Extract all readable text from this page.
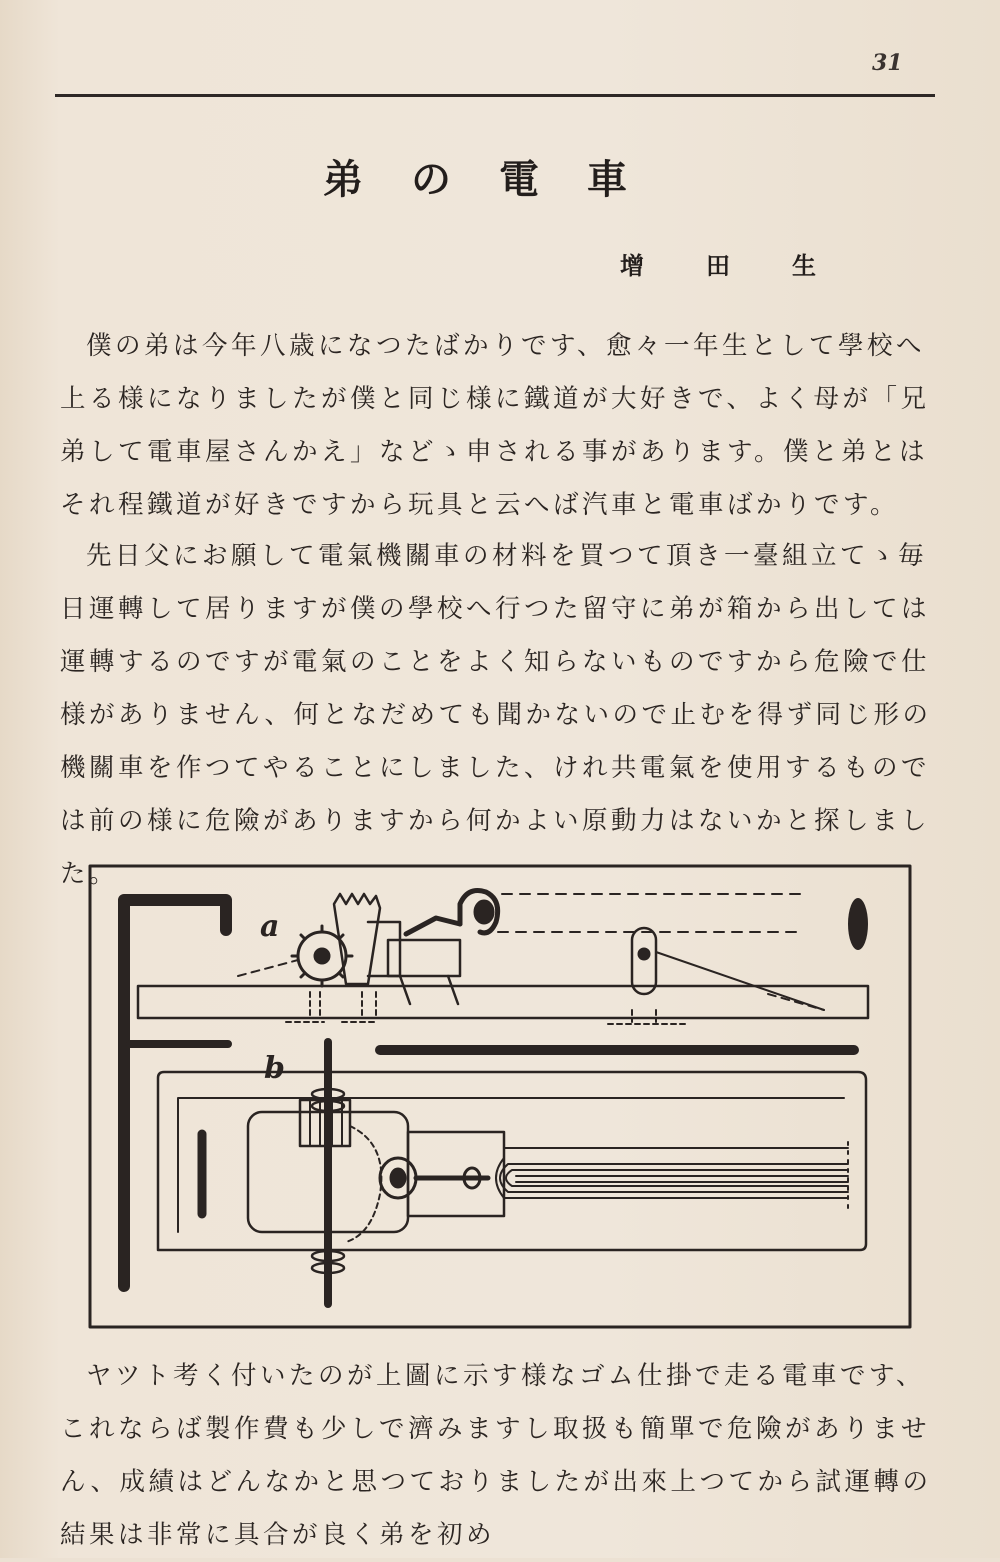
31
弟の電車
增田生

僕の弟は今年八歳になつたばかりです、愈々一年生として學校へ上る様になりましたが僕と同じ様に鐵道が大好きで、よく母が「兄弟して電車屋さんかえ」などゝ申される事があります。僕と弟とはそれ程鐵道が好きですから玩具と云へば汽車と電車ばかりです。

先日父にお願して電氣機關車の材料を買つて頂き一臺組立てゝ毎日運轉して居りますが僕の學校へ行つた留守に弟が箱から出しては運轉するのですが電氣のことをよく知らないものですから危險で仕様がありません、何となだめても聞かないので止むを得ず同じ形の機關車を作つてやることにしました、けれ共電氣を使用するものでは前の様に危險がありますから何かよい原動力はないかと探しました。

a
b

ヤツト考く付いたのが上圖に示す様なゴム仕掛で走る電車です、これならば製作費も少しで濟みますし取扱も簡單で危險がありません、成績はどんなかと思つておりましたが出來上つてから試運轉の結果は非常に具合が良く弟を初め
